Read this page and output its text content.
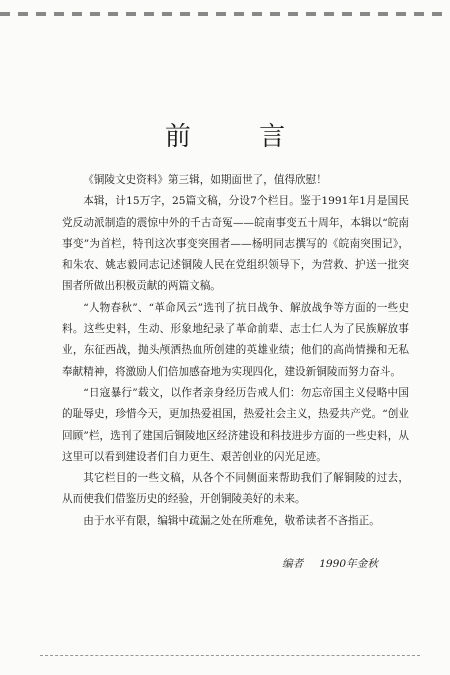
前 言

《铜陵文史资料》第三辑，如期面世了，值得欣慰！

本辑，计15万字，25篇文稿，分设7个栏目。鉴于1991年1月是国民党反动派制造的震惊中外的千古奇冤——皖南事变五十周年，本辑以“皖南事变”为首栏，特刊这次事变突围者——杨明同志撰写的《皖南突围记》，和朱农、姚志毅同志记述铜陵人民在党组织领导下，为营救、护送一批突围者所做出积极贡献的两篇文稿。

“人物春秋”、“革命风云”选刊了抗日战争、解放战争等方面的一些史料。这些史料，生动、形象地纪录了革命前辈、志士仁人为了民族解放事业，东征西战，抛头颅洒热血所创建的英雄业绩；他们的高尚情操和无私奉献精神，将激励人们倍加感奋地为实现四化，建设新铜陵而努力奋斗。

“日寇暴行”载文，以作者亲身经历告戒人们：勿忘帝国主义侵略中国的耻辱史，珍惜今天，更加热爱祖国，热爱社会主义，热爱共产党。“创业回顾”栏，选刊了建国后铜陵地区经济建设和科技进步方面的一些史料，从这里可以看到建设者们自力更生、艰苦创业的闪光足迹。

其它栏目的一些文稿，从各个不同侧面来帮助我们了解铜陵的过去，从而使我们借鉴历史的经验，开创铜陵美好的未来。

由于水平有限，编辑中疏漏之处在所难免，敬希读者不吝指正。

编者 1990年金秋
